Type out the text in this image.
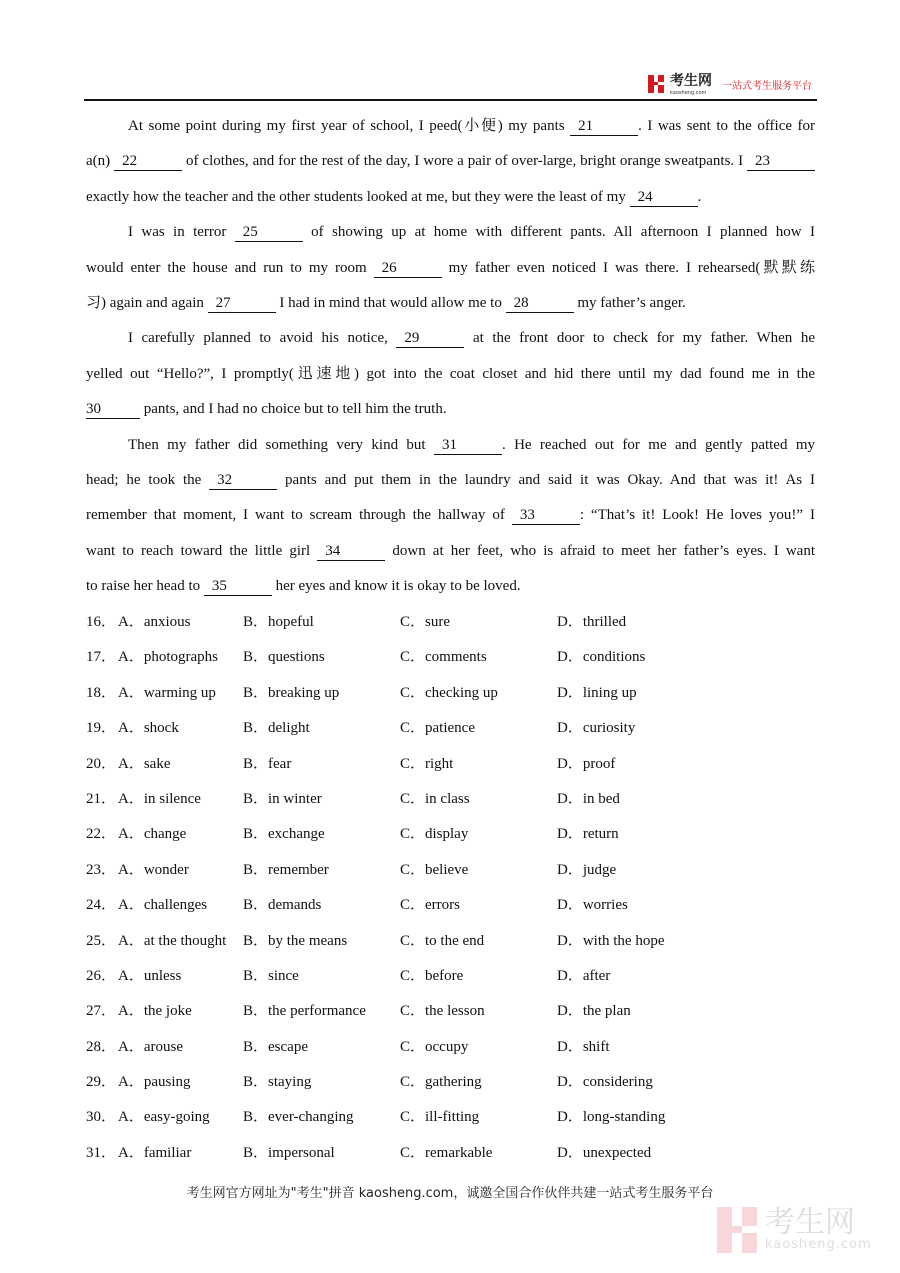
考生网
kaosheng.com
一站式考生服务平台
At some point during my first year of school, I peed(小便) my pants 21	. I was sent to the office for
a(n) 22	of clothes, and for the rest of the day, I wore a pair of over-large, bright orange sweatpants. I 23
exactly how the teacher and the other students looked at me, but they were the least of my 24	.
I was in terror 25	of showing up at home with different pants. All afternoon I planned how I
would enter the house and run to my room 26	my father even noticed I was there. I rehearsed(默默练
习) again and again 27	I had in mind that would allow me to 28	my father’s anger.
I carefully planned to avoid his notice, 29	at the front door to check for my father. When he
yelled out “Hello?”, I promptly(迅速地) got into the coat closet and hid there until my dad found me in the
30	pants, and I had no choice but to tell him the truth.
Then my father did something very kind but 31	. He reached out for me and gently patted my
head; he took the 32	pants and put them in the laundry and said it was Okay. And that was it! As I
remember that moment, I want to scream through the hallway of 33	: “That’s it! Look! He loves you!” I
want to reach toward the little girl 34	down at her feet, who is afraid to meet her father’s eyes. I want
to raise her head to 35	her eyes and know it is okay to be loved.
16． A．anxious	B．hopeful	C．sure	D．thrilled
17． A．photographs B．questions	C．comments	D．conditions
18． A．warming up B．breaking up	C．checking up	D．lining up
19． A．shock	B．delight	C．patience	D．curiosity
20． A．sake	B．fear	C．right	D．proof
21． A．in silence	B．in winter	C．in class	D．in bed
22． A．change	B．exchange	C．display	D．return
23． A．wonder	B．remember	C．believe	D．judge
24． A．challenges B．demands	C．errors	D．worries
25． A．at the thought B．by the means	C．to the end	D．with the hope
26． A．unless	B．since	C．before	D．after
27． A．the joke	B．the performance C．the lesson	D．the plan
28． A．arouse	B．escape	C．occupy	D．shift
29． A．pausing	B．staying	C．gathering	D．considering
30． A．easy-going B．ever-changing	C．ill-fitting	D．long-standing
31． A．familiar	B．impersonal	C．remarkable	D．unexpected
考生网官方网址为"考生"拼音 kaosheng.com，诚邀全国合作伙伴共建一站式考生服务平台
考生网
kaosheng.com
